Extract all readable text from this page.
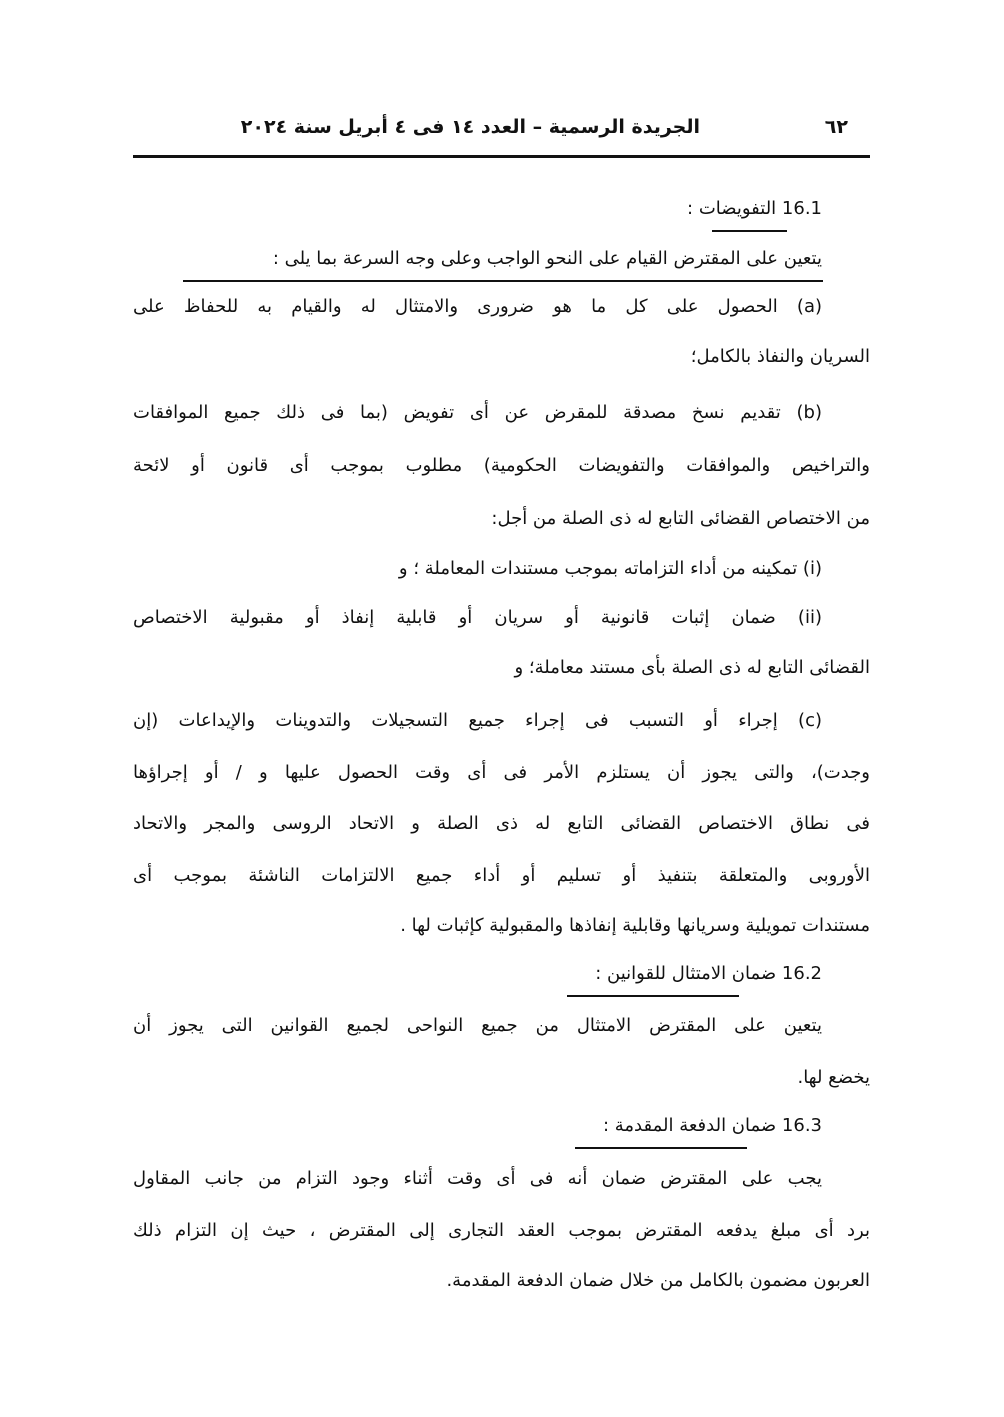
٦٢
الجريدة الرسمية – العدد ١٤ فى ٤ أبريل سنة ٢٠٢٤
16.1 التفويضات :
يتعين على المقترض القيام على النحو الواجب وعلى وجه السرعة بما يلى :
(a) الحصول على كل ما هو ضرورى والامتثال له والقيام به للحفاظ على
السريان والنفاذ بالكامل؛
(b) تقديم نسخ مصدقة للمقرض عن أى تفويض (بما فى ذلك جميع الموافقات
والتراخيص والموافقات والتفويضات الحكومية) مطلوب بموجب أى قانون أو لائحة
من الاختصاص القضائى التابع له ذى الصلة من أجل:
(i) تمكينه من أداء التزاماته بموجب مستندات المعاملة ؛ و
(ii) ضمان إثبات قانونية أو سريان أو قابلية إنفاذ أو مقبولية الاختصاص
القضائى التابع له ذى الصلة بأى مستند معاملة؛ و
(c) إجراء أو التسبب فى إجراء جميع التسجيلات والتدوينات والإيداعات (إن
وجدت)، والتى يجوز أن يستلزم الأمر فى أى وقت الحصول عليها و / أو إجراؤها
فى نطاق الاختصاص القضائى التابع له ذى الصلة و الاتحاد الروسى والمجر والاتحاد
الأوروبى والمتعلقة بتنفيذ أو تسليم أو أداء جميع الالتزامات الناشئة بموجب أى
مستندات تمويلية وسريانها وقابلية إنفاذها والمقبولية كإثبات لها .
16.2 ضمان الامتثال للقوانين :
يتعين على المقترض الامتثال من جميع النواحى لجميع القوانين التى يجوز أن
يخضع لها.
16.3 ضمان الدفعة المقدمة :
يجب على المقترض ضمان أنه فى أى وقت أثناء وجود التزام من جانب المقاول
برد أى مبلغ يدفعه المقترض بموجب العقد التجارى إلى المقترض ، حيث إن التزام ذلك
العربون مضمون بالكامل من خلال ضمان الدفعة المقدمة.
